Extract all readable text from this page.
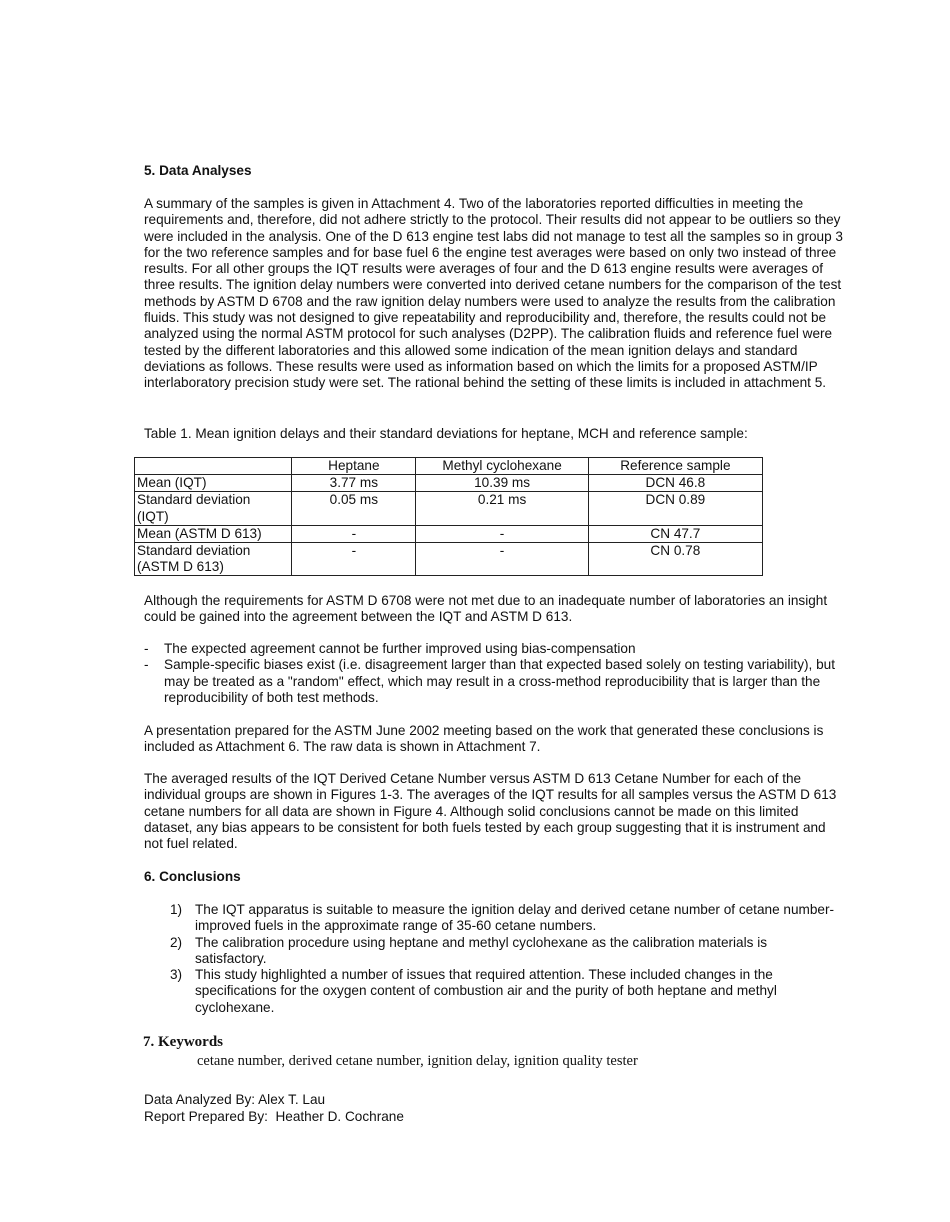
5. Data Analyses

A summary of the samples is given in Attachment 4. Two of the laboratories reported difficulties in meeting the requirements and, therefore, did not adhere strictly to the protocol. Their results did not appear to be outliers so they were included in the analysis. One of the D 613 engine test labs did not manage to test all the samples so in group 3 for the two reference samples and for base fuel 6 the engine test averages were based on only two instead of three results. For all other groups the IQT results were averages of four and the D 613 engine results were averages of three results. The ignition delay numbers were converted into derived cetane numbers for the comparison of the test methods by ASTM D 6708 and the raw ignition delay numbers were used to analyze the results from the calibration fluids. This study was not designed to give repeatability and reproducibility and, therefore, the results could not be analyzed using the normal ASTM protocol for such analyses (D2PP). The calibration fluids and reference fuel were tested by the different laboratories and this allowed some indication of the mean ignition delays and standard deviations as follows. These results were used as information based on which the limits for a proposed ASTM/IP interlaboratory precision study were set. The rational behind the setting of these limits is included in attachment 5.

Table 1. Mean ignition delays and their standard deviations for heptane, MCH and reference sample:

	Heptane	Methyl cyclohexane	Reference sample
Mean (IQT)	3.77 ms	10.39 ms	DCN 46.8
Standard deviation (IQT)	0.05 ms	0.21 ms	DCN 0.89
Mean (ASTM D 613)	-	-	CN 47.7
Standard deviation (ASTM D 613)	-	-	CN 0.78

Although the requirements for ASTM D 6708 were not met due to an inadequate number of laboratories an insight could be gained into the agreement between the IQT and ASTM D 613.

-	The expected agreement cannot be further improved using bias-compensation
-	Sample-specific biases exist (i.e. disagreement larger than that expected based solely on testing variability), but may be treated as a "random" effect, which may result in a cross-method reproducibility that is larger than the reproducibility of both test methods.

A presentation prepared for the ASTM June 2002 meeting based on the work that generated these conclusions is included as Attachment 6. The raw data is shown in Attachment 7.

The averaged results of the IQT Derived Cetane Number versus ASTM D 613 Cetane Number for each of the individual groups are shown in Figures 1-3. The averages of the IQT results for all samples versus the ASTM D 613 cetane numbers for all data are shown in Figure 4. Although solid conclusions cannot be made on this limited dataset, any bias appears to be consistent for both fuels tested by each group suggesting that it is instrument and not fuel related.

6. Conclusions
1) The IQT apparatus is suitable to measure the ignition delay and derived cetane number of cetane number-improved fuels in the approximate range of 35-60 cetane numbers.
2) The calibration procedure using heptane and methyl cyclohexane as the calibration materials is satisfactory.
3) This study highlighted a number of issues that required attention. These included changes in the specifications for the oxygen content of combustion air and the purity of both heptane and methyl cyclohexane.
7. Keywords

cetane number, derived cetane number, ignition delay, ignition quality tester

Data Analyzed By: Alex T. Lau

Report Prepared By:  Heather D. Cochrane
